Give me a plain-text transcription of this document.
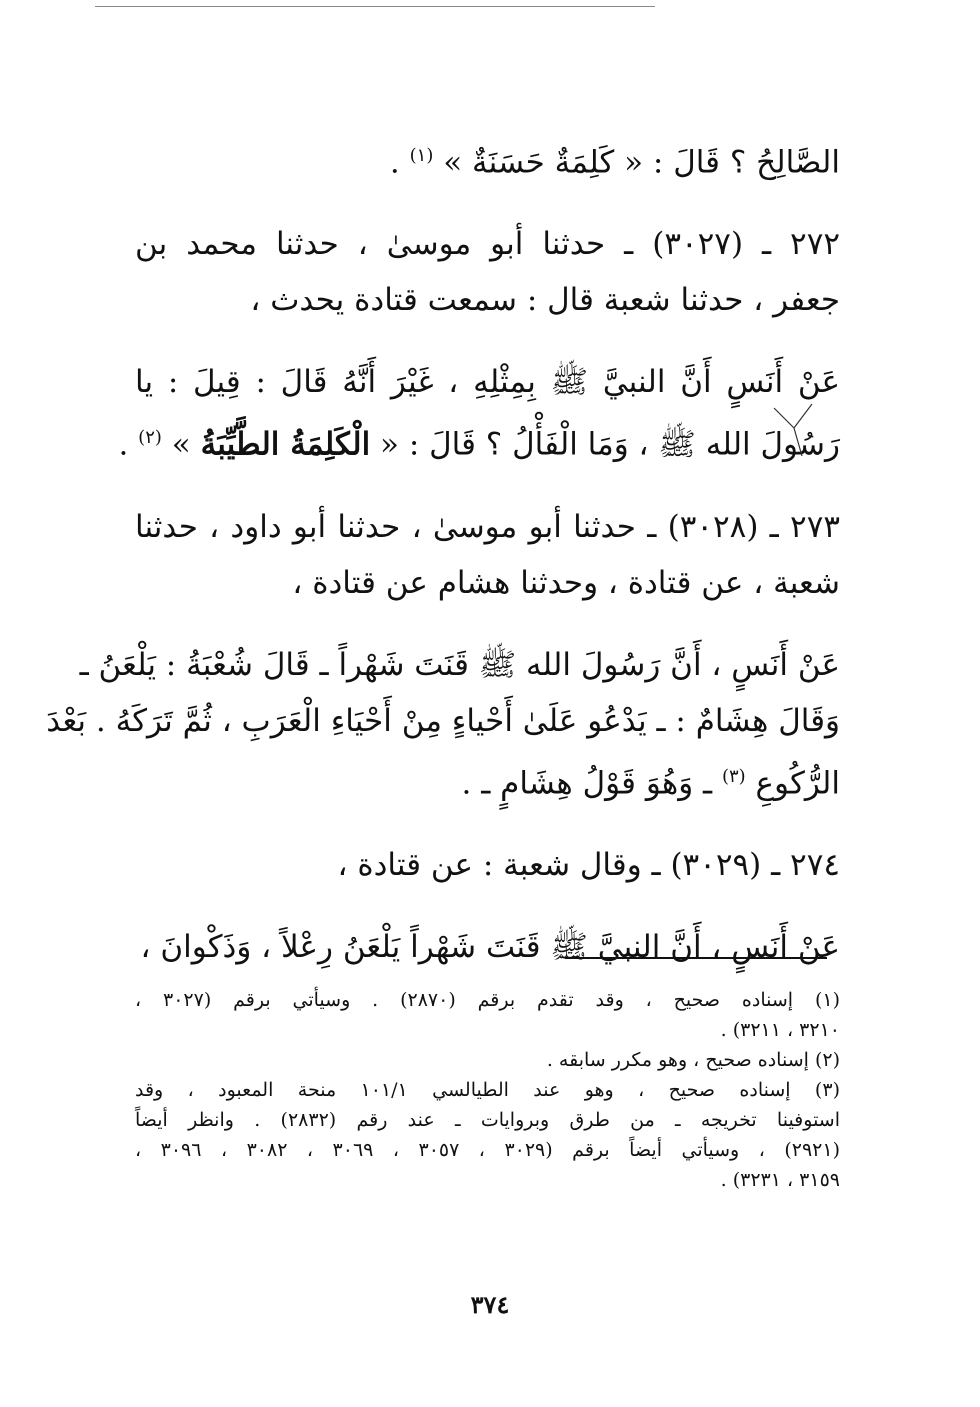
الصَّالِحُ ؟ قَالَ : « كَلِمَةٌ حَسَنَةٌ » $^{(١)}$ .
٢٧٢ ـ (٣٠٢٧) ـ حدثنا أبو موسىٰ ، حدثنا محمد بن
جعفر ، حدثنا شعبة قال : سمعت قتادة يحدث ،
عَنْ أَنَسٍ أَنَّ النبيَّ ﷺ بِمِثْلِهِ ، غَيْرَ أَنَّهُ قَالَ : قِيلَ : يا
رَسُولَ الله ﷺ ، وَمَا الْفَأْلُ ؟ قَالَ : « الْكَلِمَةُ الطَّيِّبَةُ » $^{(٢)}$ .
٢٧٣ ـ (٣٠٢٨) ـ حدثنا أبو موسىٰ ، حدثنا أبو داود ، حدثنا
شعبة ، عن قتادة ، وحدثنا هشام عن قتادة ،
عَنْ أَنَسٍ ، أَنَّ رَسُولَ الله ﷺ قَنَتَ شَهْراً ـ قَالَ شُعْبَةُ : يَلْعَنُ ـ
وَقَالَ هِشَامٌ : ـ يَدْعُو عَلَىٰ أَحْياءٍ مِنْ أَحْيَاءِ الْعَرَبِ ، ثُمَّ تَرَكَهُ . بَعْدَ
الرُّكُوعِ $^{(٣)}$ ـ وَهُوَ قَوْلُ هِشَامٍ ـ .
٢٧٤ ـ (٣٠٢٩) ـ وقال شعبة : عن قتادة ،
عَنْ أَنَسٍ ، أَنَّ النبيَّ ﷺ قَنَتَ شَهْراً يَلْعَنُ رِعْلاً ، وَذَكْوانَ ،
(١) إسناده صحيح ، وقد تقدم برقم (٢٨٧٠) . وسيأتي برقم (٣٠٢٧ ،
٣٢١٠ ، ٣٢١١) .
(٢) إسناده صحيح ، وهو مكرر سابقه .
(٣) إسناده صحيح ، وهو عند الطيالسي ١٠١/١ منحة المعبود ، وقد
استوفينا تخريجه ـ من طرق وبروايات ـ عند رقم (٢٨٣٢) . وانظر أيضاً
(٢٩٢١) ، وسيأتي أيضاً برقم (٣٠٢٩ ، ٣٠٥٧ ، ٣٠٦٩ ، ٣٠٨٢ ، ٣٠٩٦ ،
٣١٥٩ ، ٣٢٣١) .
٣٧٤
